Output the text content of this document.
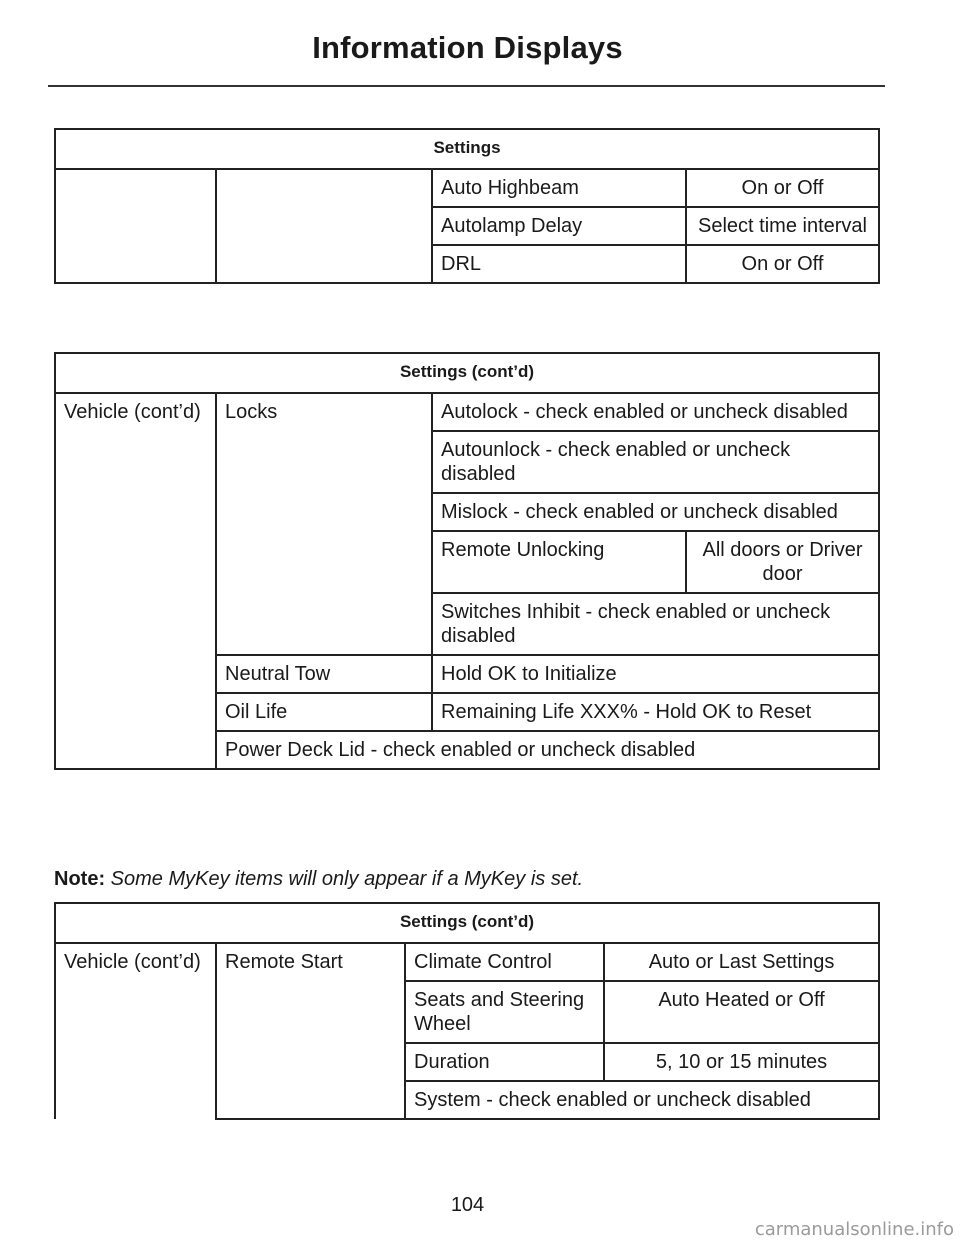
Information Displays
Settings			
		Auto Highbeam	On or Off
		Autolamp Delay	Select time interval
		DRL	On or Off
Settings (cont’d)			
Vehicle (cont’d)	Locks	Autolock - check enabled or uncheck disabled	
		Autounlock - check enabled or uncheck disabled	
		Mislock - check enabled or uncheck disabled	
		Remote Unlocking	All doors or Driver door
		Switches Inhibit - check enabled or uncheck disabled	
	Neutral Tow	Hold OK to Initialize	
	Oil Life	Remaining Life XXX% - Hold OK to Reset	
	Power Deck Lid - check enabled or uncheck disabled		
Note: Some MyKey items will only appear if a MyKey is set.
Settings (cont’d)			
Vehicle (cont’d)	Remote Start	Climate Control	Auto or Last Settings
		Seats and Steering Wheel	Auto Heated or Off
		Duration	5, 10 or 15 minutes
		System - check enabled or uncheck disabled	
104
carmanualsonline.info
